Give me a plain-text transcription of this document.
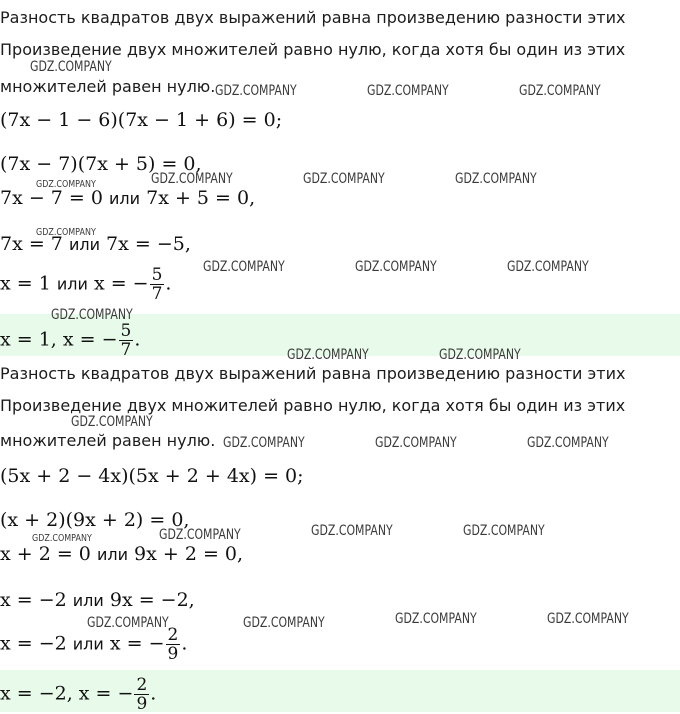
Разность квадратов двух выражений равна произведению разности этих
Произведение двух множителей равно нулю, когда хотя бы один из этих
множителей равен нулю.
(7x − 1 − 6)(7x − 1 + 6) = 0;
(7x − 7)(7x + 5) = 0,
7x − 7 = 0 или 7x + 5 = 0,
7x = 7 или 7x = −5,
x = 1 или x = − $\frac{5}{7}$ .
x = 1, x = − $\frac{5}{7}$ .
Разность квадратов двух выражений равна произведению разности этих
Произведение двух множителей равно нулю, когда хотя бы один из этих
множителей равен нулю.
(5x + 2 − 4x)(5x + 2 + 4x) = 0;
(x + 2)(9x + 2) = 0,
x + 2 = 0 или 9x + 2 = 0,
x = −2 или 9x = −2,
x = −2 или x = − $\frac{2}{9}$ .
x = −2, x = − $\frac{2}{9}$ .
GDZ.COMPANY
GDZ.COMPANY	GDZ.COMPANY	GDZ.COMPANY
GDZ.COMPANY	GDZ.COMPANY	GDZ.COMPANY	GDZ.COMPANY
GDZ.COMPANY
GDZ.COMPANY	GDZ.COMPANY	GDZ.COMPANY
GDZ.COMPANY
GDZ.COMPANY	GDZ.COMPANY
GDZ.COMPANY
GDZ.COMPANY	GDZ.COMPANY	GDZ.COMPANY
GDZ.COMPANY	GDZ.COMPANY	GDZ.COMPANY	GDZ.COMPANY
GDZ.COMPANY	GDZ.COMPANY	GDZ.COMPANY	GDZ.COMPANY
